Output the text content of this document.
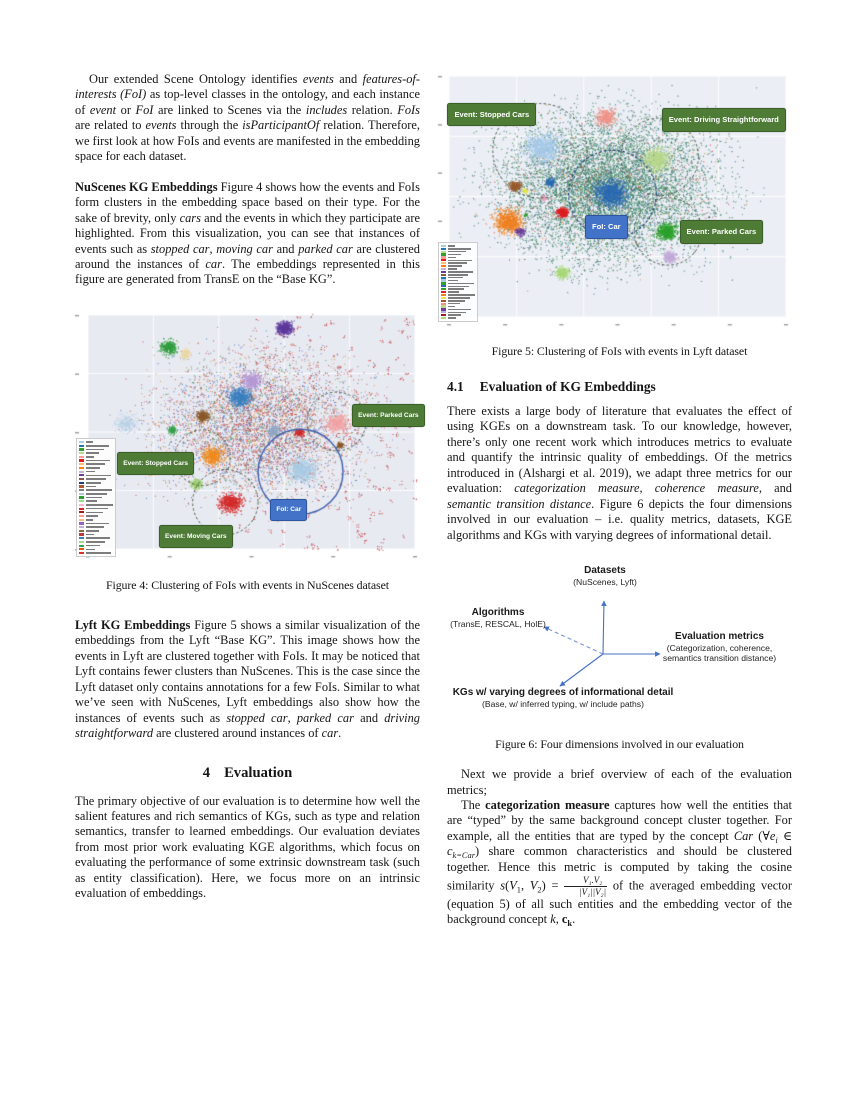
Our extended Scene Ontology identifies events and features-of-interests (FoI) as top-level classes in the ontology, and each instance of event or FoI are linked to Scenes via the includes relation. FoIs are related to events through the isParticipantOf relation. Therefore, we first look at how FoIs and events are manifested in the embedding space for each dataset.

NuScenes KG Embeddings Figure 4 shows how the events and FoIs form clusters in the embedding space based on their type. For the sake of brevity, only cars and the events in which they participate are highlighted. From this visualization, you can see that instances of events such as stopped car, moving car and parked car are clustered around the instances of car. The embeddings represented in this figure are generated from TransE on the “Base KG”.

Event: Stopped Cars
Event: Parked Cars
FoI: Car
Event: Moving Cars

Figure 4: Clustering of FoIs with events in NuScenes dataset

Lyft KG Embeddings Figure 5 shows a similar visualization of the embeddings from the Lyft “Base KG”. This image shows how the events in Lyft are clustered together with FoIs. It may be noticed that Lyft contains fewer clusters than NuScenes. This is the case since the Lyft dataset only contains annotations for a few FoIs. Similar to what we’ve seen with NuScenes, Lyft embeddings also show how the instances of events such as stopped car, parked car and driving straightforward are clustered around instances of car.

4 Evaluation

The primary objective of our evaluation is to determine how well the salient features and rich semantics of KGs, such as type and relation semantics, transfer to learned embeddings. Our evaluation deviates from most prior work evaluating KGE algorithms, which focus on evaluating the performance of some extrinsic downstream task (such as entity classification). Here, we focus more on an intrinsic evaluation of embeddings.

Event: Stopped Cars
Event: Driving Straightforward
FoI: Car
Event: Parked Cars

Figure 5: Clustering of FoIs with events in Lyft dataset

4.1 Evaluation of KG Embeddings

There exists a large body of literature that evaluates the effect of using KGEs on a downstream task. To our knowledge, however, there’s only one recent work which introduces metrics to evaluate and quantify the intrinsic quality of embeddings. Of the metrics introduced in (Alshargi et al. 2019), we adapt three metrics for our evaluation: categorization measure, coherence measure, and semantic transition distance. Figure 6 depicts the four dimensions involved in our evaluation – i.e. quality metrics, datasets, KGE algorithms and KGs with varying degrees of informational detail.

Datasets
(NuScenes, Lyft)
Algorithms
(TransE, RESCAL, HolE)
Evaluation metrics
(Categorization, coherence, semantics transition distance)
KGs w/ varying degrees of informational detail
(Base, w/ inferred typing, w/ include paths)

Figure 6: Four dimensions involved in our evaluation

Next we provide a brief overview of each of the evaluation metrics;

The categorization measure captures how well the entities that are “typed” by the same background concept cluster together. For example, all the entities that are typed by the concept Car ($\forall e_i$ ∈ $c_{k=Car}$) share common characteristics and should be clustered together. Hence this metric is computed by taking the cosine similarity $s(V_1$, $V_2) = \frac{\text{V₁.V₂}}{\text{|V₁||V₂|}}$ of the averaged embedding vector (equation 5) of all such entities and the embedding vector of the background concept k, $c_k$.
